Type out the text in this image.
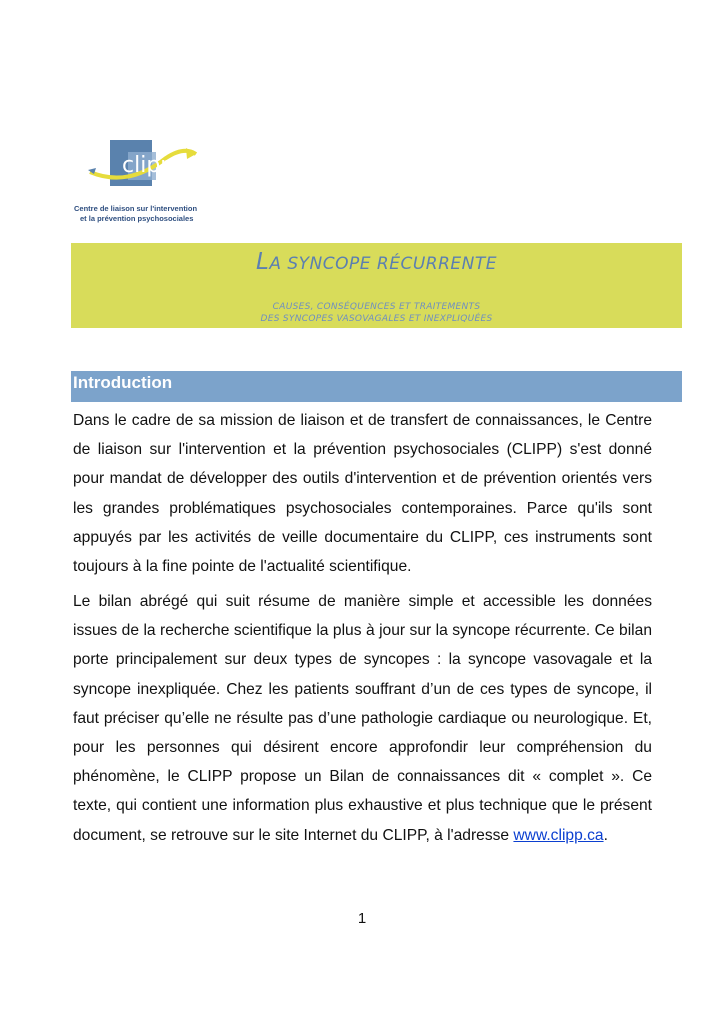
clipp
Centre de liaison sur l'intervention
et la prévention psychosociales
LA SYNCOPE RÉCURRENTE
CAUSES, CONSÉQUENCES ET TRAITEMENTS
DES SYNCOPES VASOVAGALES ET INEXPLIQUÉES
Introduction
Dans le cadre de sa mission de liaison et de transfert de connaissances, le Centre de liaison sur l'intervention et la prévention psychosociales (CLIPP) s'est donné pour mandat de développer des outils d'intervention et de prévention orientés vers les grandes problématiques psychosociales contemporaines. Parce qu'ils sont appuyés par les activités de veille documentaire du CLIPP, ces instruments sont toujours à la fine pointe de l'actualité scientifique.
Le bilan abrégé qui suit résume de manière simple et accessible les données issues de la recherche scientifique la plus à jour sur la syncope récurrente. Ce bilan porte principalement sur deux types de syncopes : la syncope vasovagale et la syncope inexpliquée. Chez les patients souffrant d’un de ces types de syncope, il faut préciser qu’elle ne résulte pas d’une pathologie cardiaque ou neurologique. Et, pour les personnes qui désirent encore approfondir leur compréhension du phénomène, le CLIPP propose un Bilan de connaissances dit « complet ». Ce texte, qui contient une information plus exhaustive et plus technique que le présent document, se retrouve sur le site Internet du CLIPP, à l'adresse www.clipp.ca.
1
